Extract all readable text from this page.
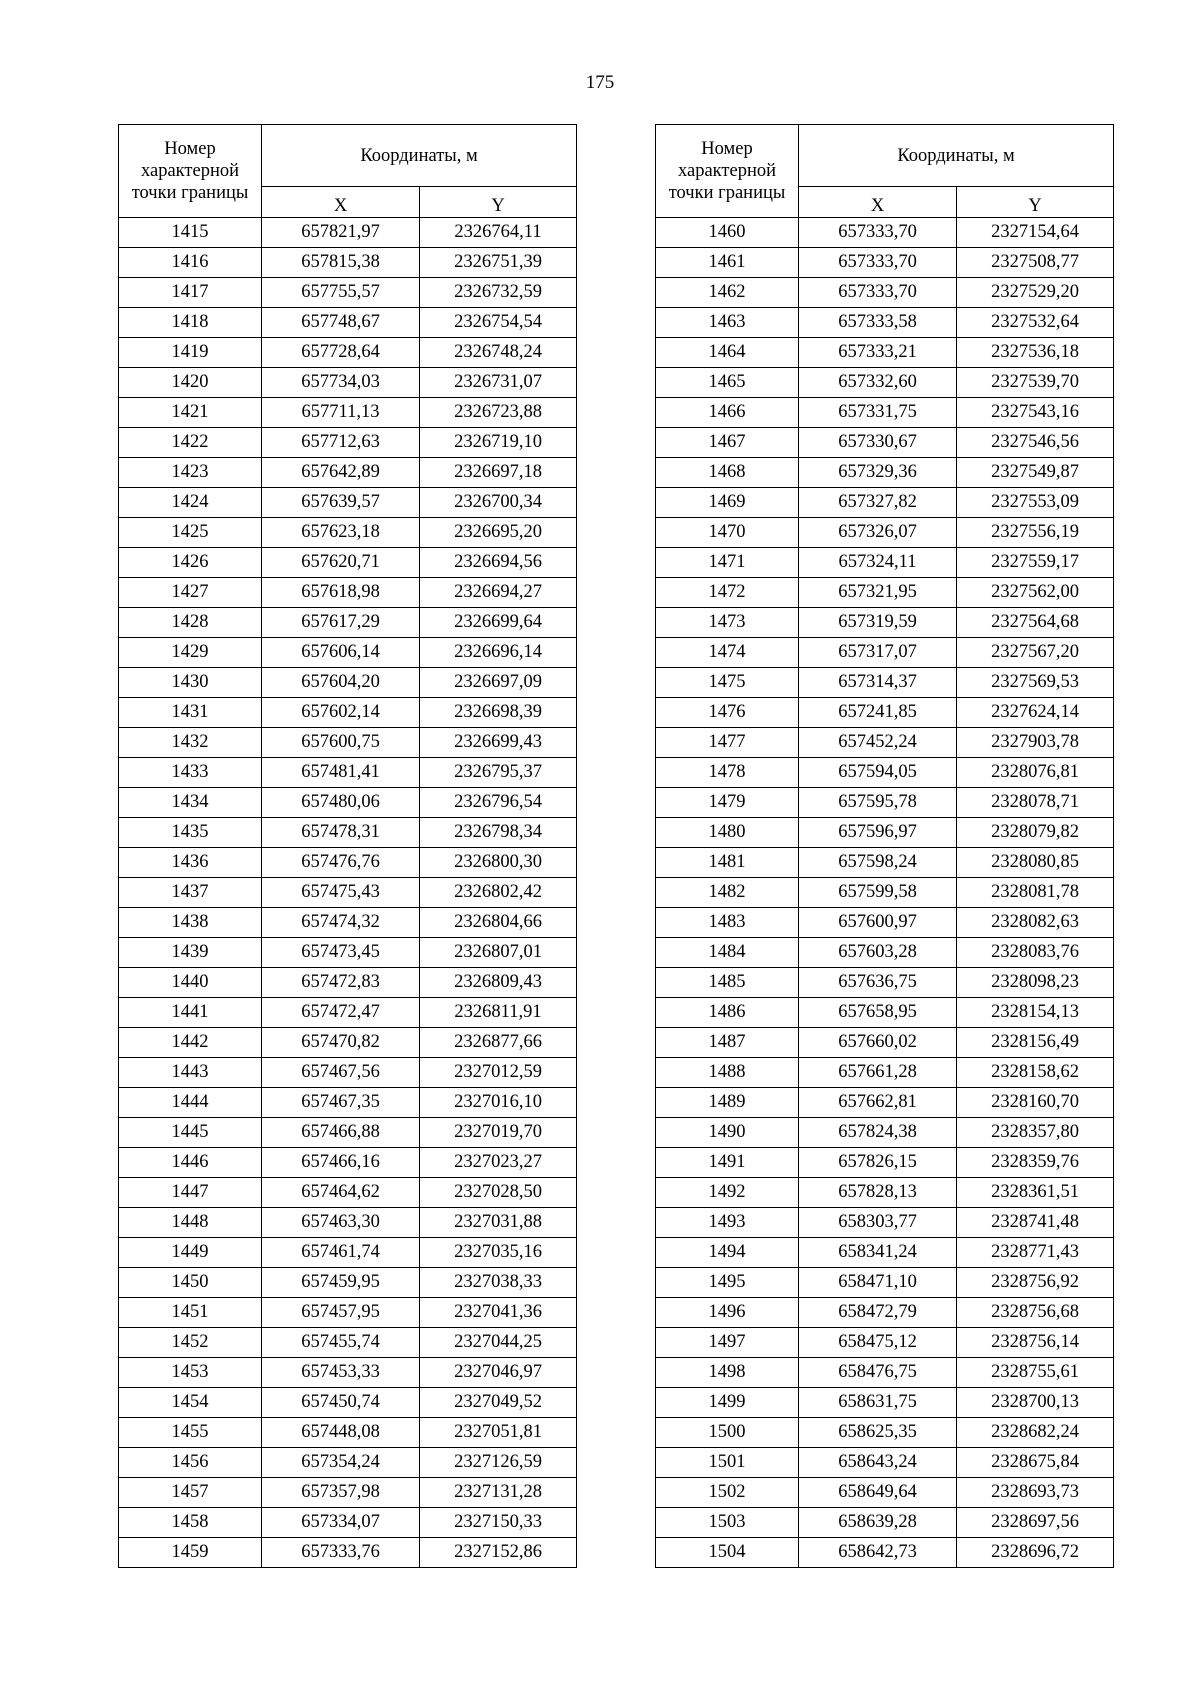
175
Номер характерной точки границы	Координаты, м	
	X	Y
1415	657821,97	2326764,11
1416	657815,38	2326751,39
1417	657755,57	2326732,59
1418	657748,67	2326754,54
1419	657728,64	2326748,24
1420	657734,03	2326731,07
1421	657711,13	2326723,88
1422	657712,63	2326719,10
1423	657642,89	2326697,18
1424	657639,57	2326700,34
1425	657623,18	2326695,20
1426	657620,71	2326694,56
1427	657618,98	2326694,27
1428	657617,29	2326699,64
1429	657606,14	2326696,14
1430	657604,20	2326697,09
1431	657602,14	2326698,39
1432	657600,75	2326699,43
1433	657481,41	2326795,37
1434	657480,06	2326796,54
1435	657478,31	2326798,34
1436	657476,76	2326800,30
1437	657475,43	2326802,42
1438	657474,32	2326804,66
1439	657473,45	2326807,01
1440	657472,83	2326809,43
1441	657472,47	2326811,91
1442	657470,82	2326877,66
1443	657467,56	2327012,59
1444	657467,35	2327016,10
1445	657466,88	2327019,70
1446	657466,16	2327023,27
1447	657464,62	2327028,50
1448	657463,30	2327031,88
1449	657461,74	2327035,16
1450	657459,95	2327038,33
1451	657457,95	2327041,36
1452	657455,74	2327044,25
1453	657453,33	2327046,97
1454	657450,74	2327049,52
1455	657448,08	2327051,81
1456	657354,24	2327126,59
1457	657357,98	2327131,28
1458	657334,07	2327150,33
1459	657333,76	2327152,86
Номер характерной точки границы	Координаты, м	
	X	Y
1460	657333,70	2327154,64
1461	657333,70	2327508,77
1462	657333,70	2327529,20
1463	657333,58	2327532,64
1464	657333,21	2327536,18
1465	657332,60	2327539,70
1466	657331,75	2327543,16
1467	657330,67	2327546,56
1468	657329,36	2327549,87
1469	657327,82	2327553,09
1470	657326,07	2327556,19
1471	657324,11	2327559,17
1472	657321,95	2327562,00
1473	657319,59	2327564,68
1474	657317,07	2327567,20
1475	657314,37	2327569,53
1476	657241,85	2327624,14
1477	657452,24	2327903,78
1478	657594,05	2328076,81
1479	657595,78	2328078,71
1480	657596,97	2328079,82
1481	657598,24	2328080,85
1482	657599,58	2328081,78
1483	657600,97	2328082,63
1484	657603,28	2328083,76
1485	657636,75	2328098,23
1486	657658,95	2328154,13
1487	657660,02	2328156,49
1488	657661,28	2328158,62
1489	657662,81	2328160,70
1490	657824,38	2328357,80
1491	657826,15	2328359,76
1492	657828,13	2328361,51
1493	658303,77	2328741,48
1494	658341,24	2328771,43
1495	658471,10	2328756,92
1496	658472,79	2328756,68
1497	658475,12	2328756,14
1498	658476,75	2328755,61
1499	658631,75	2328700,13
1500	658625,35	2328682,24
1501	658643,24	2328675,84
1502	658649,64	2328693,73
1503	658639,28	2328697,56
1504	658642,73	2328696,72
